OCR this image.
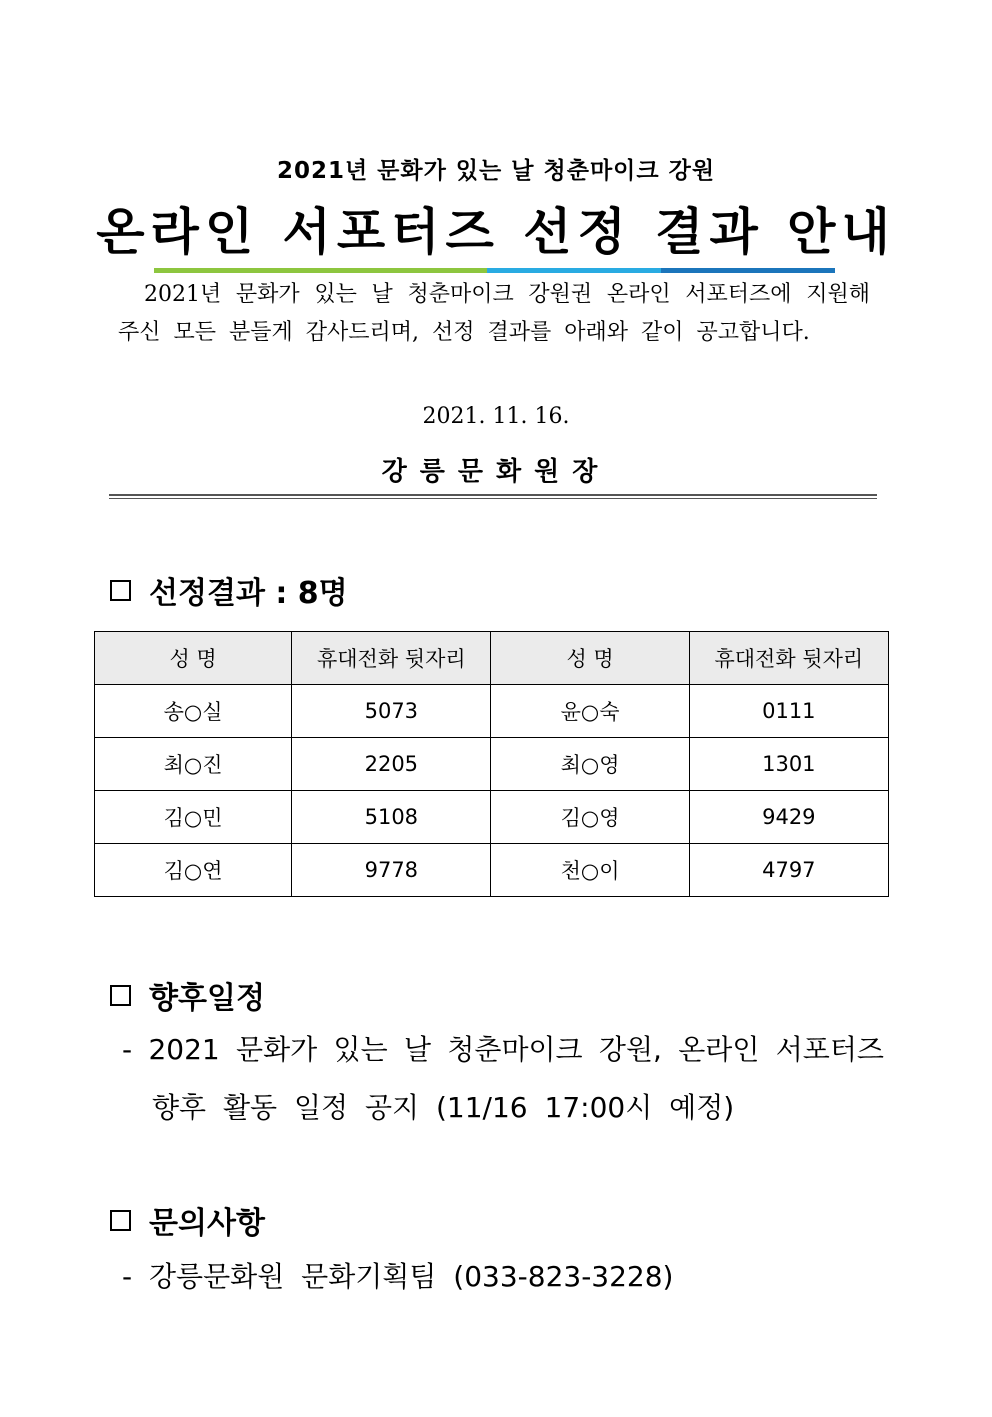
2021년 문화가 있는 날 청춘마이크 강원
온라인 서포터즈 선정 결과 안내
2021년 문화가 있는 날 청춘마이크 강원권 온라인 서포터즈에 지원해주신 모든 분들게 감사드리며, 선정 결과를 아래와 같이 공고합니다.
2021. 11. 16.
강릉문화원장
선정결과 : 8명
성 명	휴대전화 뒷자리	성 명	휴대전화 뒷자리
송○실	5073	윤○숙	0111
최○진	2205	최○영	1301
김○민	5108	김○영	9429
김○연	9778	천○이	4797
향후일정
- 2021 문화가 있는 날 청춘마이크 강원, 온라인 서포터즈
향후 활동 일정 공지 (11/16 17:00시 예정)
문의사항
- 강릉문화원 문화기획팀 (033-823-3228)
